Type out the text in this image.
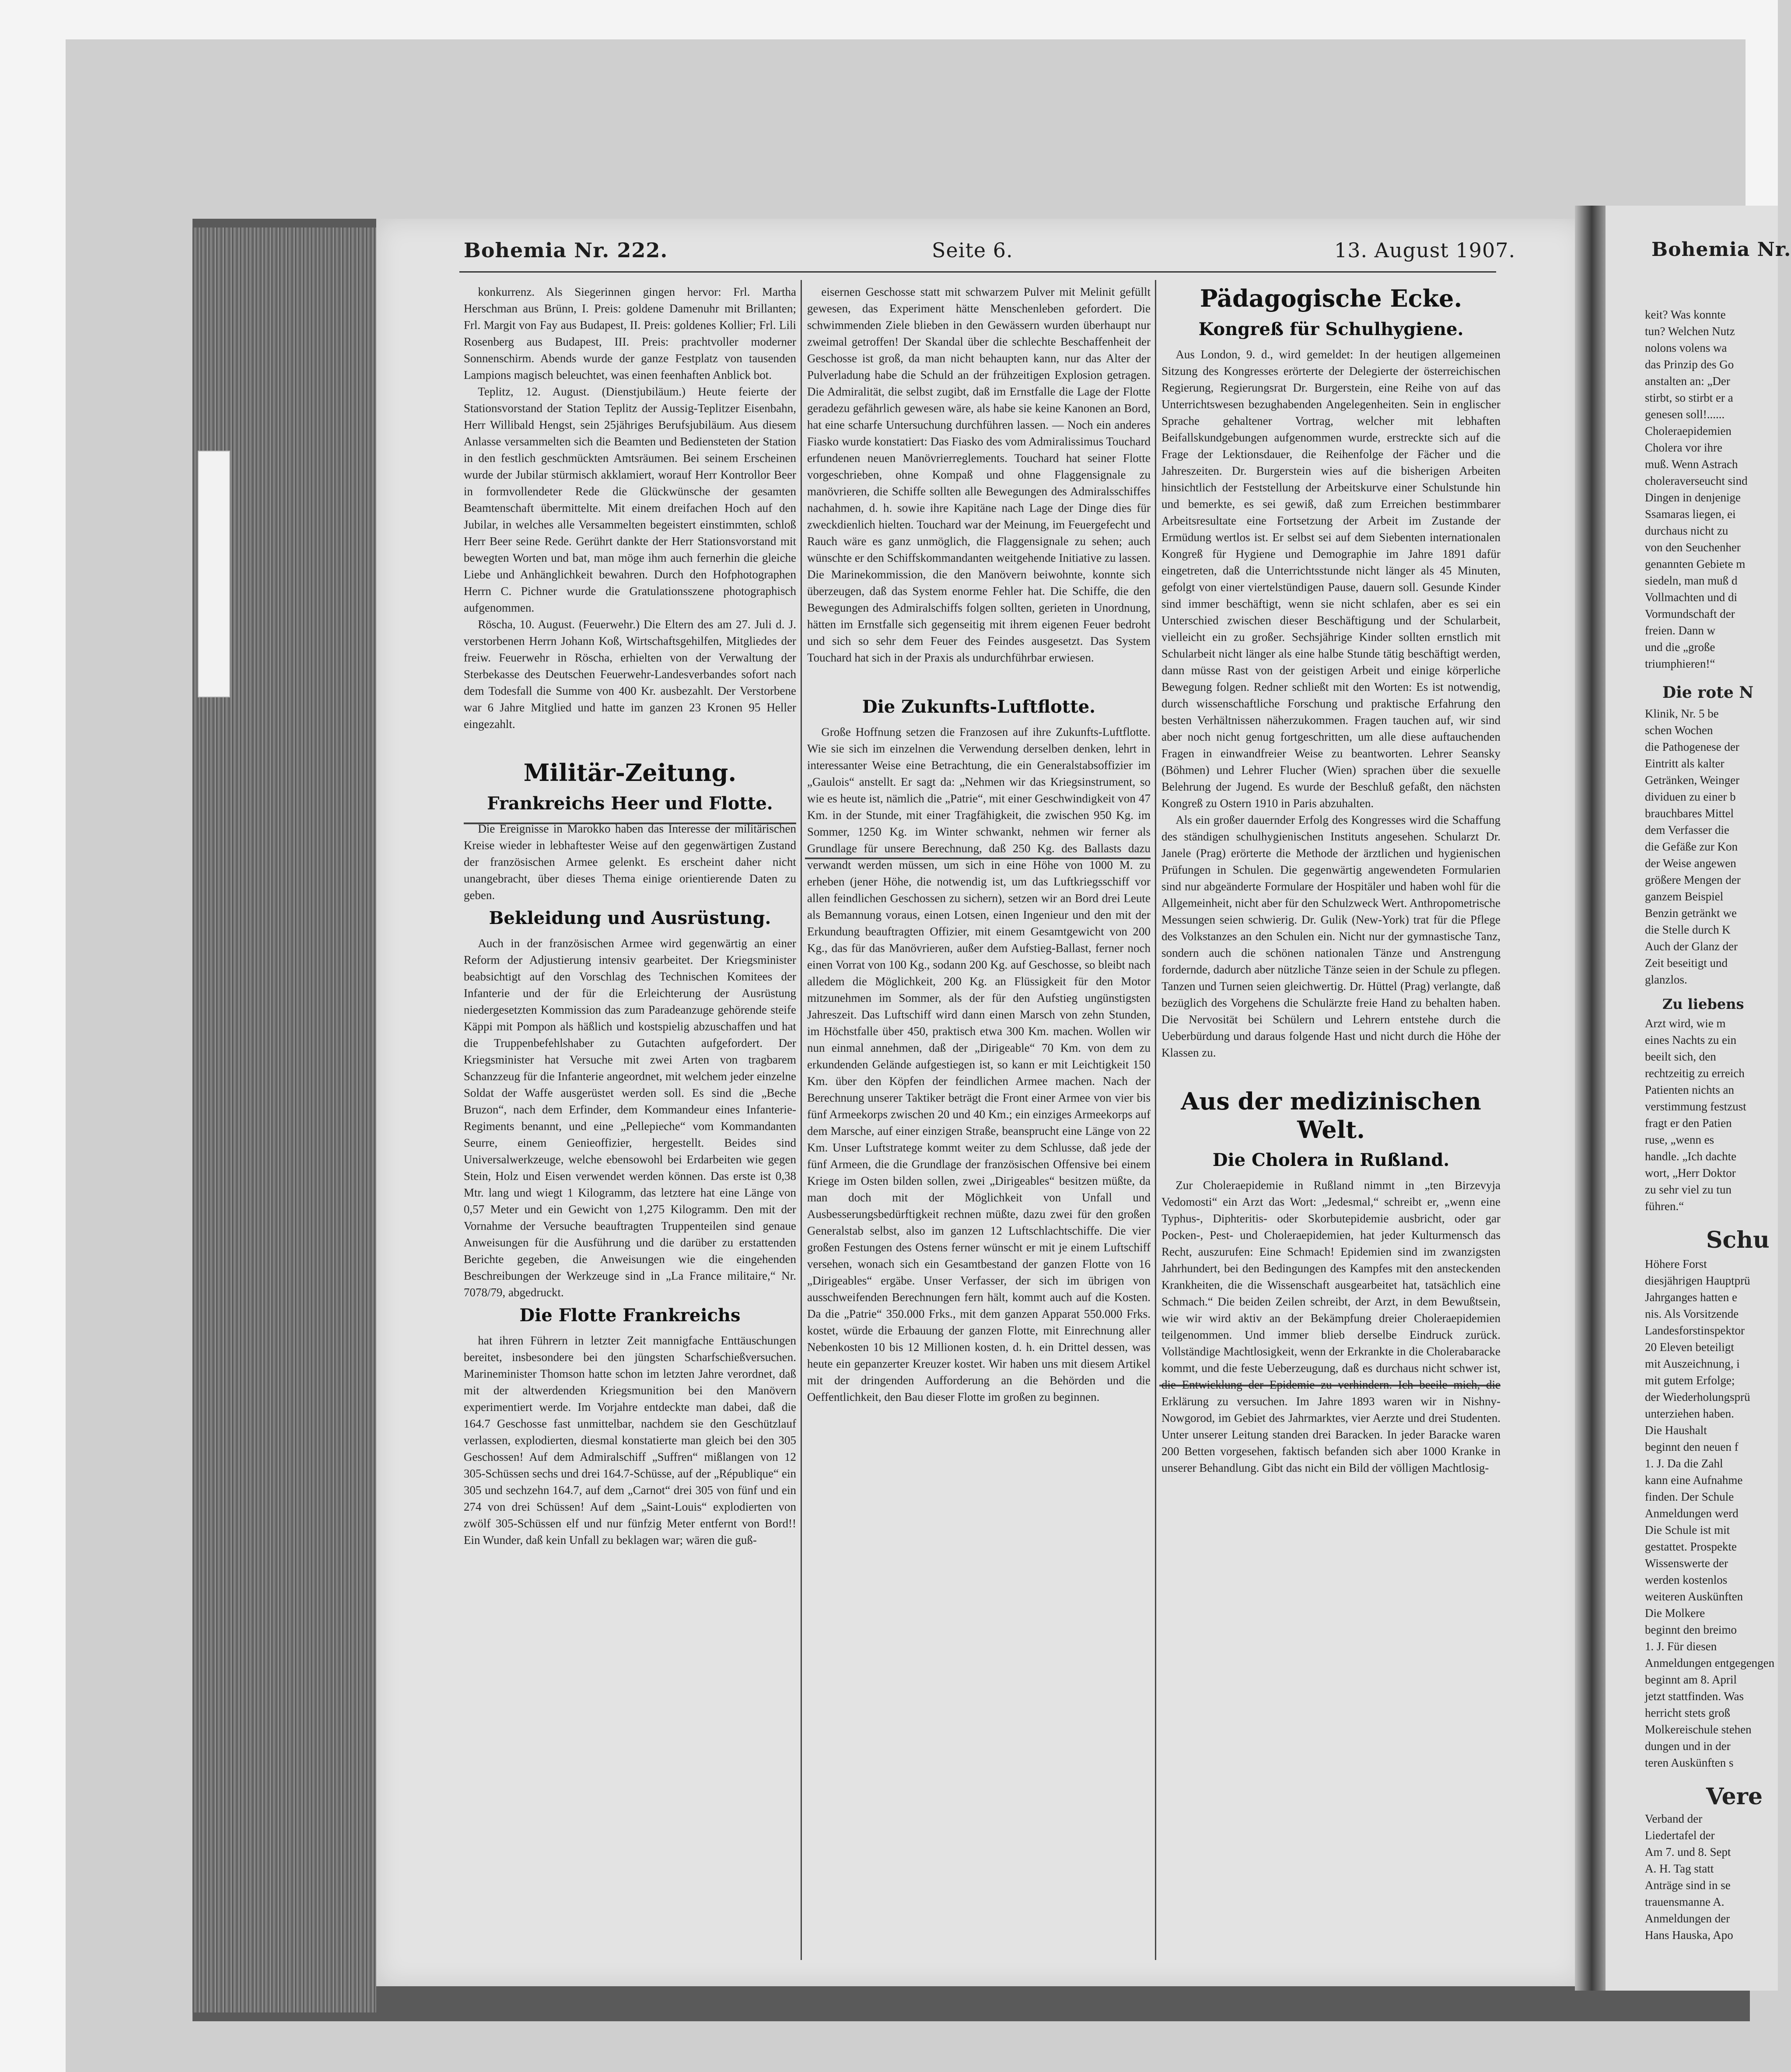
Bohemia Nr. 222.	Seite 6.	13. August 1907.

konkurrenz. Als Siegerinnen gingen hervor: Frl. Martha Herschman aus Brünn, I. Preis: goldene Damenuhr mit Brillanten; Frl. Margit von Fay aus Budapest, II. Preis: goldenes Kollier; Frl. Lili Rosenberg aus Budapest, III. Preis: prachtvoller moderner Sonnenschirm. Abends wurde der ganze Festplatz von tausenden Lampions magisch beleuchtet, was einen feenhaften Anblick bot.

Teplitz, 12. August. (Dienstjubiläum.) Heute feierte der Stationsvorstand der Station Teplitz der Aussig-Teplitzer Eisenbahn, Herr Willibald Hengst, sein 25jähriges Berufsjubiläum. Aus diesem Anlasse versammelten sich die Beamten und Bediensteten der Station in den festlich geschmückten Amtsräumen. Bei seinem Erscheinen wurde der Jubilar stürmisch akklamiert, worauf Herr Kontrollor Beer in formvollendeter Rede die Glückwünsche der gesamten Beamtenschaft übermittelte. Mit einem dreifachen Hoch auf den Jubilar, in welches alle Versammelten begeistert einstimmten, schloß Herr Beer seine Rede. Gerührt dankte der Herr Stationsvorstand mit bewegten Worten und bat, man möge ihm auch fernerhin die gleiche Liebe und Anhänglichkeit bewahren. Durch den Hofphotographen Herrn C. Pichner wurde die Gratulationsszene photographisch aufgenommen.

Röscha, 10. August. (Feuerwehr.) Die Eltern des am 27. Juli d. J. verstorbenen Herrn Johann Koß, Wirtschaftsgehilfen, Mitgliedes der freiw. Feuerwehr in Röscha, erhielten von der Verwaltung der Sterbekasse des Deutschen Feuerwehr-Landesverbandes sofort nach dem Todesfall die Summe von 400 Kr. ausbezahlt. Der Verstorbene war 6 Jahre Mitglied und hatte im ganzen 23 Kronen 95 Heller eingezahlt.

Militär-Zeitung.
Frankreichs Heer und Flotte.

Die Ereignisse in Marokko haben das Interesse der militärischen Kreise wieder in lebhaftester Weise auf den gegenwärtigen Zustand der französischen Armee gelenkt. Es erscheint daher nicht unangebracht, über dieses Thema einige orientierende Daten zu geben.

Bekleidung und Ausrüstung.

Auch in der französischen Armee wird gegenwärtig an einer Reform der Adjustierung intensiv gearbeitet. Der Kriegsminister beabsichtigt auf den Vorschlag des Technischen Komitees der Infanterie und der für die Erleichterung der Ausrüstung niedergesetzten Kommission das zum Paradeanzuge gehörende steife Käppi mit Pompon als häßlich und kostspielig abzuschaffen und hat die Truppenbefehlshaber zu Gutachten aufgefordert. Der Kriegsminister hat Versuche mit zwei Arten von tragbarem Schanzzeug für die Infanterie angeordnet, mit welchem jeder einzelne Soldat der Waffe ausgerüstet werden soll. Es sind die „Beche Bruzon“, nach dem Erfinder, dem Kommandeur eines Infanterie-Regiments benannt, und eine „Pellepieche“ vom Kommandanten Seurre, einem Genieoffizier, hergestellt. Beides sind Universalwerkzeuge, welche ebensowohl bei Erdarbeiten wie gegen Stein, Holz und Eisen verwendet werden können. Das erste ist 0,38 Mtr. lang und wiegt 1 Kilogramm, das letztere hat eine Länge von 0,57 Meter und ein Gewicht von 1,275 Kilogramm. Den mit der Vornahme der Versuche beauftragten Truppenteilen sind genaue Anweisungen für die Ausführung und die darüber zu erstattenden Berichte gegeben, die Anweisungen wie die eingehenden Beschreibungen der Werkzeuge sind in „La France militaire,“ Nr. 7078/79, abgedruckt.

Die Flotte Frankreichs

hat ihren Führern in letzter Zeit mannigfache Enttäuschungen bereitet, insbesondere bei den jüngsten Scharfschießversuchen. Marineminister Thomson hatte schon im letzten Jahre verordnet, daß mit der altwerdenden Kriegsmunition bei den Manövern experimentiert werde. Im Vorjahre entdeckte man dabei, daß die 164.7 Geschosse fast unmittelbar, nachdem sie den Geschützlauf verlassen, explodierten, diesmal konstatierte man gleich bei den 305 Geschossen! Auf dem Admiralschiff „Suffren“ mißlangen von 12 305-Schüssen sechs und drei 164.7-Schüsse, auf der „République“ ein 305 und sechzehn 164.7, auf dem „Carnot“ drei 305 von fünf und ein 274 von drei Schüssen! Auf dem „Saint-Louis“ explodierten von zwölf 305-Schüssen elf und nur fünfzig Meter entfernt von Bord!! Ein Wunder, daß kein Unfall zu beklagen war; wären die guß-

eisernen Geschosse statt mit schwarzem Pulver mit Melinit gefüllt gewesen, das Experiment hätte Menschenleben gefordert. Die schwimmenden Ziele blieben in den Gewässern wurden überhaupt nur zweimal getroffen! Der Skandal über die schlechte Beschaffenheit der Geschosse ist groß, da man nicht behaupten kann, nur das Alter der Pulverladung habe die Schuld an der frühzeitigen Explosion getragen. Die Admiralität, die selbst zugibt, daß im Ernstfalle die Lage der Flotte geradezu gefährlich gewesen wäre, als habe sie keine Kanonen an Bord, hat eine scharfe Untersuchung durchführen lassen. — Noch ein anderes Fiasko wurde konstatiert: Das Fiasko des vom Admiralissimus Touchard erfundenen neuen Manövrierreglements. Touchard hat seiner Flotte vorgeschrieben, ohne Kompaß und ohne Flaggensignale zu manövrieren, die Schiffe sollten alle Bewegungen des Admiralsschiffes nachahmen, d. h. sowie ihre Kapitäne nach Lage der Dinge dies für zweckdienlich hielten. Touchard war der Meinung, im Feuergefecht und Rauch wäre es ganz unmöglich, die Flaggensignale zu sehen; auch wünschte er den Schiffskommandanten weitgehende Initiative zu lassen. Die Marinekommission, die den Manövern beiwohnte, konnte sich überzeugen, daß das System enorme Fehler hat. Die Schiffe, die den Bewegungen des Admiralschiffs folgen sollten, gerieten in Unordnung, hätten im Ernstfalle sich gegenseitig mit ihrem eigenen Feuer bedroht und sich so sehr dem Feuer des Feindes ausgesetzt. Das System Touchard hat sich in der Praxis als undurchführbar erwiesen.

Die Zukunfts-Luftflotte.

Große Hoffnung setzen die Franzosen auf ihre Zukunfts-Luftflotte. Wie sie sich im einzelnen die Verwendung derselben denken, lehrt in interessanter Weise eine Betrachtung, die ein Generalstabsoffizier im „Gaulois“ anstellt. Er sagt da: „Nehmen wir das Kriegsinstrument, so wie es heute ist, nämlich die „Patrie“, mit einer Geschwindigkeit von 47 Km. in der Stunde, mit einer Tragfähigkeit, die zwischen 950 Kg. im Sommer, 1250 Kg. im Winter schwankt, nehmen wir ferner als Grundlage für unsere Berechnung, daß 250 Kg. des Ballasts dazu verwandt werden müssen, um sich in eine Höhe von 1000 M. zu erheben (jener Höhe, die notwendig ist, um das Luftkriegsschiff vor allen feindlichen Geschossen zu sichern), setzen wir an Bord drei Leute als Bemannung voraus, einen Lotsen, einen Ingenieur und den mit der Erkundung beauftragten Offizier, mit einem Gesamtgewicht von 200 Kg., das für das Manövrieren, außer dem Aufstieg-Ballast, ferner noch einen Vorrat von 100 Kg., sodann 200 Kg. auf Geschosse, so bleibt nach alledem die Möglichkeit, 200 Kg. an Flüssigkeit für den Motor mitzunehmen im Sommer, als der für den Aufstieg ungünstigsten Jahreszeit. Das Luftschiff wird dann einen Marsch von zehn Stunden, im Höchstfalle über 450, praktisch etwa 300 Km. machen. Wollen wir nun einmal annehmen, daß der „Dirigeable“ 70 Km. von dem zu erkundenden Gelände aufgestiegen ist, so kann er mit Leichtigkeit 150 Km. über den Köpfen der feindlichen Armee machen. Nach der Berechnung unserer Taktiker beträgt die Front einer Armee von vier bis fünf Armeekorps zwischen 20 und 40 Km.; ein einziges Armeekorps auf dem Marsche, auf einer einzigen Straße, beansprucht eine Länge von 22 Km. Unser Luftstratege kommt weiter zu dem Schlusse, daß jede der fünf Armeen, die die Grundlage der französischen Offensive bei einem Kriege im Osten bilden sollen, zwei „Dirigeables“ besitzen müßte, da man doch mit der Möglichkeit von Unfall und Ausbesserungsbedürftigkeit rechnen müßte, dazu zwei für den großen Generalstab selbst, also im ganzen 12 Luftschlachtschiffe. Die vier großen Festungen des Ostens ferner wünscht er mit je einem Luftschiff versehen, wonach sich ein Gesamtbestand der ganzen Flotte von 16 „Dirigeables“ ergäbe. Unser Verfasser, der sich im übrigen von ausschweifenden Berechnungen fern hält, kommt auch auf die Kosten. Da die „Patrie“ 350.000 Frks., mit dem ganzen Apparat 550.000 Frks. kostet, würde die Erbauung der ganzen Flotte, mit Einrechnung aller Nebenkosten 10 bis 12 Millionen kosten, d. h. ein Drittel dessen, was heute ein gepanzerter Kreuzer kostet. Wir haben uns mit diesem Artikel mit der dringenden Aufforderung an die Behörden und die Oeffentlichkeit, den Bau dieser Flotte im großen zu beginnen.

Pädagogische Ecke.
Kongreß für Schulhygiene.

Aus London, 9. d., wird gemeldet: In der heutigen allgemeinen Sitzung des Kongresses erörterte der Delegierte der österreichischen Regierung, Regierungsrat Dr. Burgerstein, eine Reihe von auf das Unterrichtswesen bezughabenden Angelegenheiten. Sein in englischer Sprache gehaltener Vortrag, welcher mit lebhaften Beifallskundgebungen aufgenommen wurde, erstreckte sich auf die Frage der Lektionsdauer, die Reihenfolge der Fächer und die Jahreszeiten. Dr. Burgerstein wies auf die bisherigen Arbeiten hinsichtlich der Feststellung der Arbeitskurve einer Schulstunde hin und bemerkte, es sei gewiß, daß zum Erreichen bestimmbarer Arbeitsresultate eine Fortsetzung der Arbeit im Zustande der Ermüdung wertlos ist. Er selbst sei auf dem Siebenten internationalen Kongreß für Hygiene und Demographie im Jahre 1891 dafür eingetreten, daß die Unterrichtsstunde nicht länger als 45 Minuten, gefolgt von einer viertelstündigen Pause, dauern soll. Gesunde Kinder sind immer beschäftigt, wenn sie nicht schlafen, aber es sei ein Unterschied zwischen dieser Beschäftigung und der Schularbeit, vielleicht ein zu großer. Sechsjährige Kinder sollten ernstlich mit Schularbeit nicht länger als eine halbe Stunde tätig beschäftigt werden, dann müsse Rast von der geistigen Arbeit und einige körperliche Bewegung folgen. Redner schließt mit den Worten: Es ist notwendig, durch wissenschaftliche Forschung und praktische Erfahrung den besten Verhältnissen näherzukommen. Fragen tauchen auf, wir sind aber noch nicht genug fortgeschritten, um alle diese auftauchenden Fragen in einwandfreier Weise zu beantworten. Lehrer Seansky (Böhmen) und Lehrer Flucher (Wien) sprachen über die sexuelle Belehrung der Jugend. Es wurde der Beschluß gefaßt, den nächsten Kongreß zu Ostern 1910 in Paris abzuhalten.

Als ein großer dauernder Erfolg des Kongresses wird die Schaffung des ständigen schulhygienischen Instituts angesehen. Schularzt Dr. Janele (Prag) erörterte die Methode der ärztlichen und hygienischen Prüfungen in Schulen. Die gegenwärtig angewendeten Formularien sind nur abgeänderte Formulare der Hospitäler und haben wohl für die Allgemeinheit, nicht aber für den Schulzweck Wert. Anthropometrische Messungen seien schwierig. Dr. Gulik (New-York) trat für die Pflege des Volkstanzes an den Schulen ein. Nicht nur der gymnastische Tanz, sondern auch die schönen nationalen Tänze und Anstrengung fordernde, dadurch aber nützliche Tänze seien in der Schule zu pflegen. Tanzen und Turnen seien gleichwertig. Dr. Hüttel (Prag) verlangte, daß bezüglich des Vorgehens die Schulärzte freie Hand zu behalten haben. Die Nervosität bei Schülern und Lehrern entstehe durch die Ueberbürdung und daraus folgende Hast und nicht durch die Höhe der Klassen zu.

Aus der medizinischen Welt.
Die Cholera in Rußland.

Zur Choleraepidemie in Rußland nimmt in „ten Birzevyja Vedomosti“ ein Arzt das Wort: „Jedesmal,“ schreibt er, „wenn eine Typhus-, Diphteritis- oder Skorbutepidemie ausbricht, oder gar Pocken-, Pest- und Choleraepidemien, hat jeder Kulturmensch das Recht, auszurufen: Eine Schmach! Epidemien sind im zwanzigsten Jahrhundert, bei den Bedingungen des Kampfes mit den ansteckenden Krankheiten, die die Wissenschaft ausgearbeitet hat, tatsächlich eine Schmach.“ Die beiden Zeilen schreibt, der Arzt, in dem Bewußtsein, wie wir wird aktiv an der Bekämpfung dreier Choleraepidemien teilgenommen. Und immer blieb derselbe Eindruck zurück. Vollständige Machtlosigkeit, wenn der Erkrankte in die Cholerabaracke kommt, und die feste Ueberzeugung, daß es durchaus nicht schwer ist, die Entwicklung der Epidemie zu verhindern. Ich beeile mich, die Erklärung zu versuchen. Im Jahre 1893 waren wir in Nishny-Nowgorod, im Gebiet des Jahrmarktes, vier Aerzte und drei Studenten. Unter unserer Leitung standen drei Baracken. In jeder Baracke waren 200 Betten vorgesehen, faktisch befanden sich aber 1000 Kranke in unserer Behandlung. Gibt das nicht ein Bild der völligen Machtlosig-

Bohemia Nr.
keit? Was konnte
tun? Welchen Nutz
nolons volens wa
das Prinzip des Go
anstalten an: „Der
stirbt, so stirbt er a
genesen soll!......
Choleraepidemien
Cholera vor ihre
muß. Wenn Astrach
choleraverseucht sind
Dingen in denjenige
Ssamaras liegen, ei
durchaus nicht zu
von den Seuchenher
genannten Gebiete m
siedeln, man muß d
Vollmachten und di
Vormundschaft der
freien. Dann w
und die „große
triumphieren!“
Die rote N
Klinik, Nr. 5 be
schen Wochen
die Pathogenese der
Eintritt als kalter
Getränken, Weinger
dividuen zu einer b
brauchbares Mittel
dem Verfasser die
die Gefäße zur Kon
der Weise angewen
größere Mengen der
ganzem Beispiel
Benzin getränkt we
die Stelle durch K
Auch der Glanz der
Zeit beseitigt und
glanzlos.
Zu liebens
Arzt wird, wie m
eines Nachts zu ein
beeilt sich, den
rechtzeitig zu erreich
Patienten nichts an
verstimmung festzust
fragt er den Patien
ruse, „wenn es
handle. „Ich dachte
wort, „Herr Doktor
zu sehr viel zu tun
führen.“
Schu
Höhere Forst
diesjährigen Hauptprü
Jahrganges hatten e
nis. Als Vorsitzende
Landesforstinspektor
20 Eleven beteiligt
mit Auszeichnung, i
mit gutem Erfolge;
der Wiederholungsprü
unterziehen haben.
Die Haushalt
beginnt den neuen f
1. J. Da die Zahl
kann eine Aufnahme
finden. Der Schule
Anmeldungen werd
Die Schule ist mit
gestattet. Prospekte
Wissenswerte der
werden kostenlos
weiteren Auskünften
Die Molkere
beginnt den breimo
1. J. Für diesen
Anmeldungen entgegengen
beginnt am 8. April
jetzt stattfinden. Was
herricht stets groß
Molkereischule stehen
dungen und in der
teren Auskünften s
Vere
Verband der
Liedertafel der
Am 7. und 8. Sept
A. H. Tag statt
Anträge sind in se
trauensmanne A.
Anmeldungen der
Hans Hauska, Apo
